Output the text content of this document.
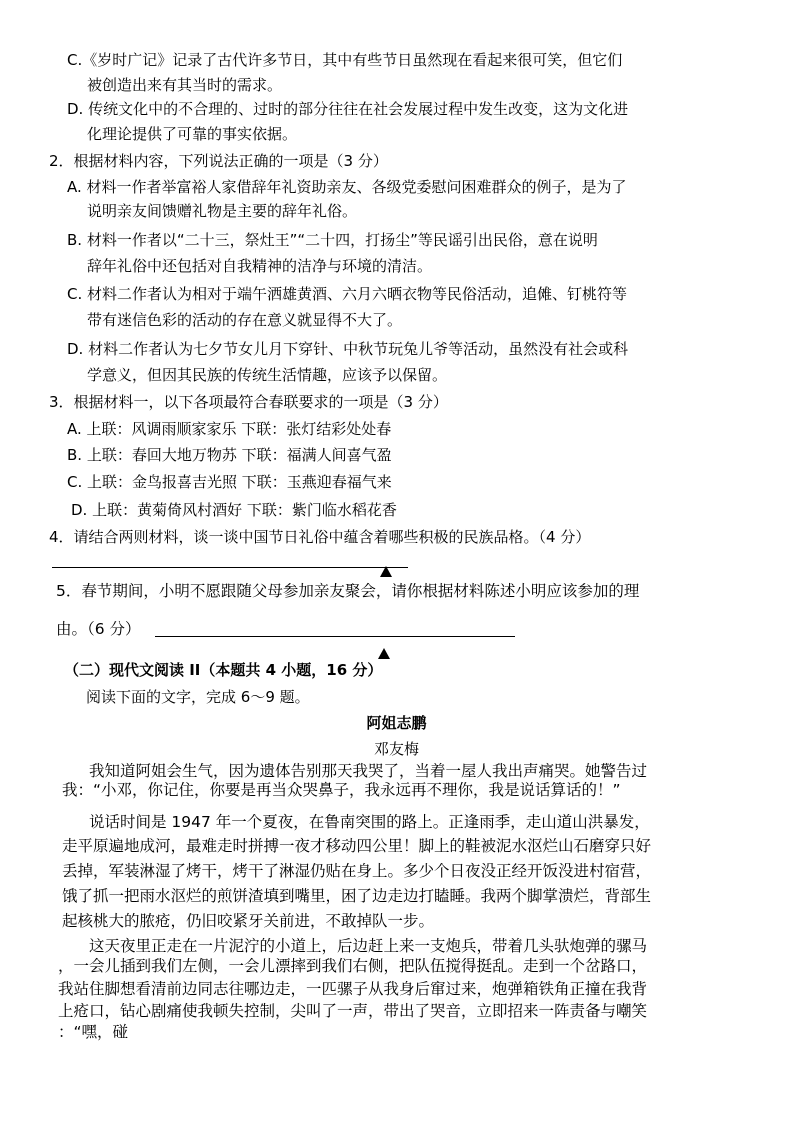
C.《岁时广记》记录了古代许多节日，其中有些节日虽然现在看起来很可笑，但它们
被创造出来有其当时的需求。
D. 传统文化中的不合理的、过时的部分往往在社会发展过程中发生改变，这为文化进
化理论提供了可靠的事实依据。
2．根据材料内容，下列说法正确的一项是（3 分）
A. 材料一作者举富裕人家借辞年礼资助亲友、各级党委慰问困难群众的例子，是为了
说明亲友间馈赠礼物是主要的辞年礼俗。
B. 材料一作者以“二十三，祭灶王”“二十四，打扬尘”等民谣引出民俗，意在说明
辞年礼俗中还包括对自我精神的洁净与环境的清洁。
C. 材料二作者认为相对于端午洒雄黄酒、六月六晒衣物等民俗活动，追傩、钉桃符等
带有迷信色彩的活动的存在意义就显得不大了。
D. 材料二作者认为七夕节女儿月下穿针、中秋节玩兔儿爷等活动，虽然没有社会或科
学意义，但因其民族的传统生活情趣，应该予以保留。
3．根据材料一，以下各项最符合春联要求的一项是（3 分）
A. 上联：风调雨顺家家乐 下联：张灯结彩处处春
B. 上联：春回大地万物苏 下联：福满人间喜气盈
C. 上联：金鸟报喜吉光照 下联：玉燕迎春福气来
D. 上联：黄菊倚风村酒好 下联：紫门临水稻花香
4．请结合两则材料，谈一谈中国节日礼俗中蕴含着哪些积极的民族品格。（4 分）
5．春节期间，小明不愿跟随父母参加亲友聚会，请你根据材料陈述小明应该参加的理
由。（6 分）
（二）现代文阅读 II（本题共 4 小题，16 分）
阅读下面的文字，完成 6～9 题。
阿姐志鹏
邓友梅
我知道阿姐会生气，因为遗体告别那天我哭了，当着一屋人我出声痛哭。她警告过
我：“小邓，你记住，你要是再当众哭鼻子，我永远再不理你，我是说话算话的！”
说话时间是 1947 年一个夏夜，在鲁南突围的路上。正逢雨季，走山道山洪暴发，
走平原遍地成河，最难走时拼搏一夜才移动四公里！脚上的鞋被泥水沤烂山石磨穿只好
丢掉，军装淋湿了烤干，烤干了淋湿仍贴在身上。多少个日夜没正经开饭没进村宿营，
饿了抓一把雨水沤烂的煎饼渣填到嘴里，困了边走边打瞌睡。我两个脚掌溃烂，背部生
起核桃大的脓疮，仍旧咬紧牙关前进，不敢掉队一步。
这天夜里正走在一片泥泞的小道上，后边赶上来一支炮兵，带着几头驮炮弹的骡马
，一会儿插到我们左侧，一会儿漂摔到我们右侧，把队伍搅得挺乱。走到一个岔路口，
我站住脚想看清前边同志往哪边走，一匹骡子从我身后窜过来，炮弹箱铁角正撞在我背
上疮口，钻心剧痛使我顿失控制，尖叫了一声，带出了哭音，立即招来一阵责备与嘲笑
：“嘿，碰
